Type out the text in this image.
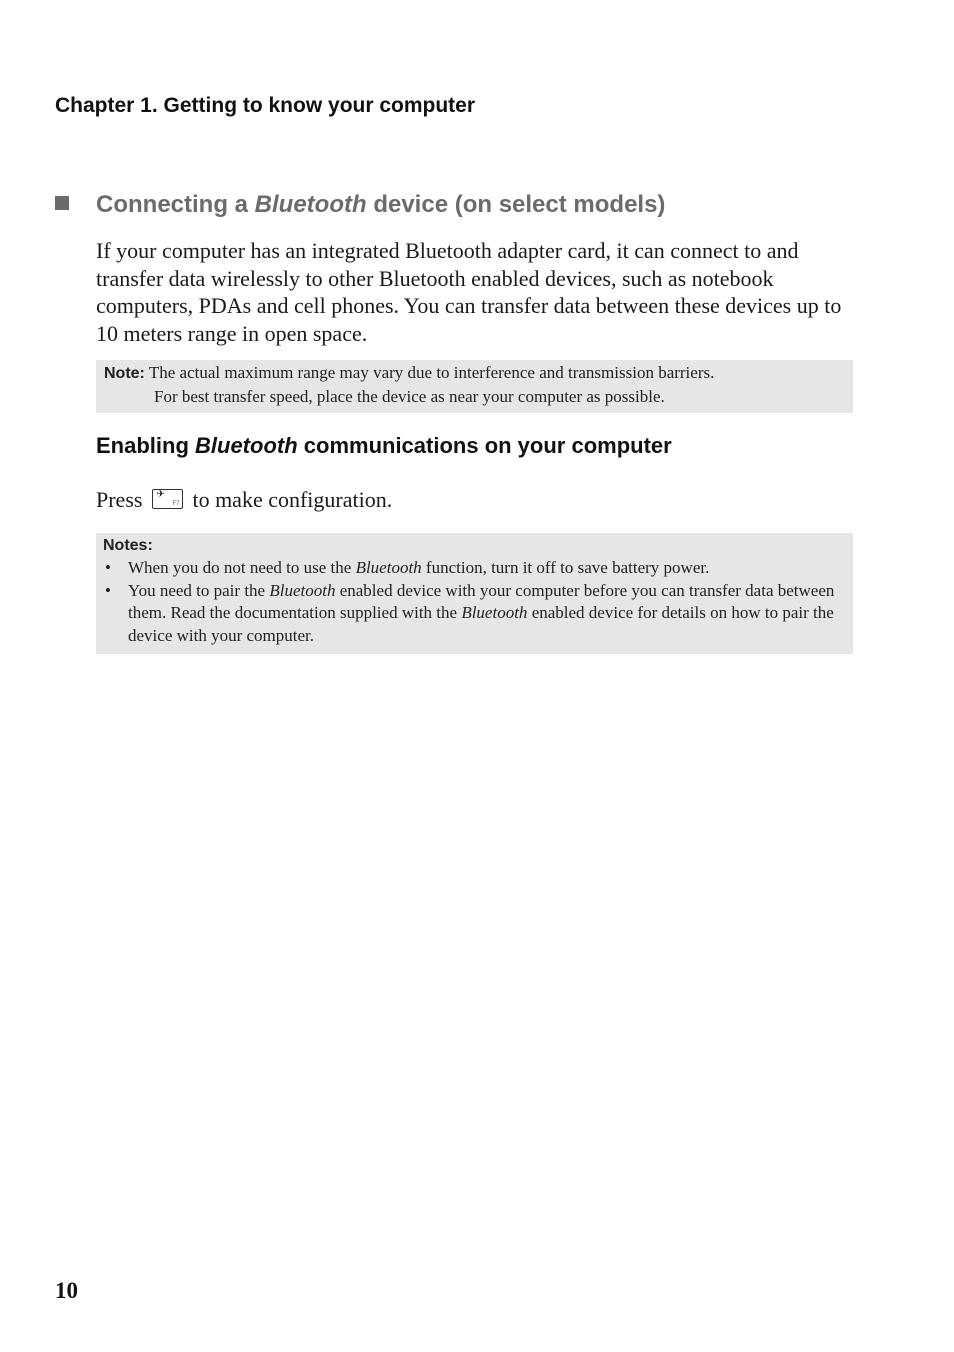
Chapter 1. Getting to know your computer
Connecting a Bluetooth device (on select models)
If your computer has an integrated Bluetooth adapter card, it can connect to and transfer data wirelessly to other Bluetooth enabled devices, such as notebook computers, PDAs and cell phones. You can transfer data between these devices up to 10 meters range in open space.
Note: The actual maximum range may vary due to interference and transmission barriers.
For best transfer speed, place the device as near your computer as possible.
Enabling Bluetooth communications on your computer
Press ✈
F7 to make configuration.
Notes:
• When you do not need to use the Bluetooth function, turn it off to save battery power.
• You need to pair the Bluetooth enabled device with your computer before you can transfer data between them. Read the documentation supplied with the Bluetooth enabled device for details on how to pair the device with your computer.
10
